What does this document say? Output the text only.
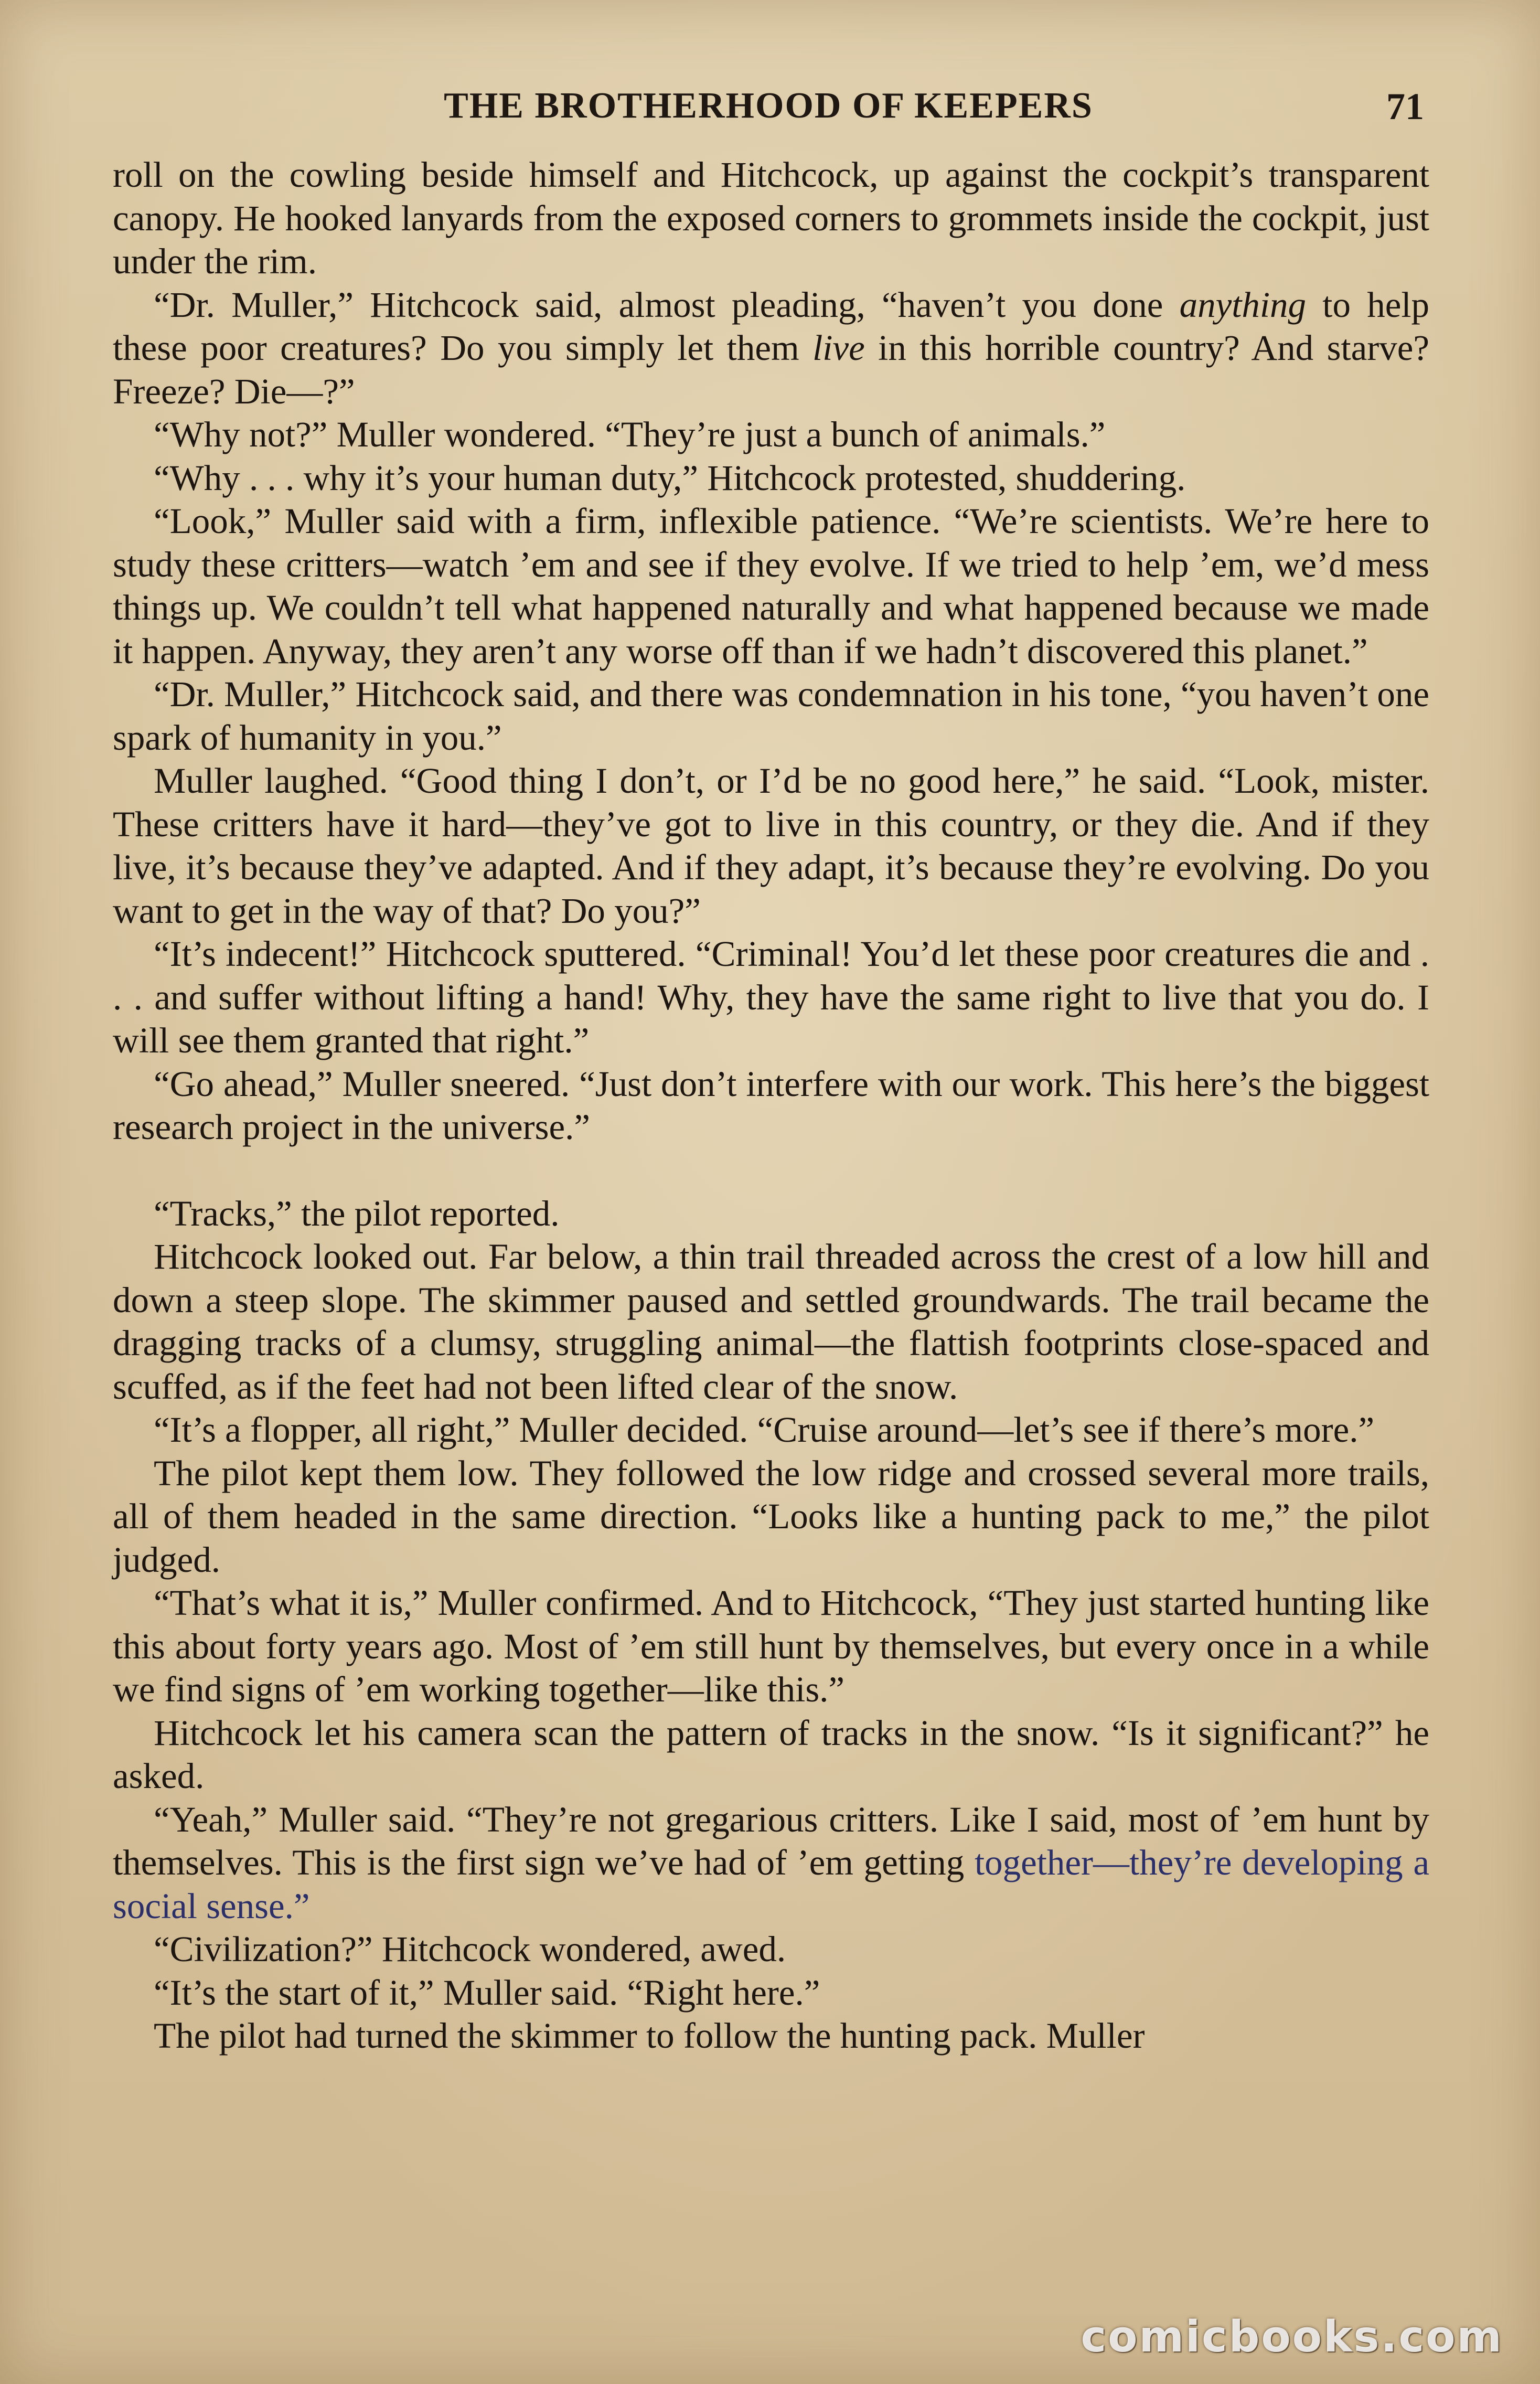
THE BROTHERHOOD OF KEEPERS	71

roll on the cowling beside himself and Hitchcock, up against the cockpit’s transparent canopy. He hooked lanyards from the exposed corners to grommets inside the cockpit, just under the rim.

“Dr. Muller,” Hitchcock said, almost pleading, “haven’t you done anything to help these poor creatures? Do you simply let them live in this horrible country? And starve? Freeze? Die—?”

“Why not?” Muller wondered. “They’re just a bunch of animals.”

“Why . . . why it’s your human duty,” Hitchcock protested, shuddering.

“Look,” Muller said with a firm, inflexible patience. “We’re scientists. We’re here to study these critters—watch ’em and see if they evolve. If we tried to help ’em, we’d mess things up. We couldn’t tell what happened naturally and what happened because we made it happen. Anyway, they aren’t any worse off than if we hadn’t discovered this planet.”

“Dr. Muller,” Hitchcock said, and there was condemnation in his tone, “you haven’t one spark of humanity in you.”

Muller laughed. “Good thing I don’t, or I’d be no good here,” he said. “Look, mister. These critters have it hard—they’ve got to live in this country, or they die. And if they live, it’s because they’ve adapted. And if they adapt, it’s because they’re evolving. Do you want to get in the way of that? Do you?”

“It’s indecent!” Hitchcock sputtered. “Criminal! You’d let these poor creatures die and . . . and suffer without lifting a hand! Why, they have the same right to live that you do. I will see them granted that right.”

“Go ahead,” Muller sneered. “Just don’t interfere with our work. This here’s the biggest research project in the universe.”

“Tracks,” the pilot reported.

Hitchcock looked out. Far below, a thin trail threaded across the crest of a low hill and down a steep slope. The skimmer paused and settled groundwards. The trail became the dragging tracks of a clumsy, struggling animal—the flattish footprints close-spaced and scuffed, as if the feet had not been lifted clear of the snow.

“It’s a flopper, all right,” Muller decided. “Cruise around—let’s see if there’s more.”

The pilot kept them low. They followed the low ridge and crossed several more trails, all of them headed in the same direction. “Looks like a hunting pack to me,” the pilot judged.

“That’s what it is,” Muller confirmed. And to Hitchcock, “They just started hunting like this about forty years ago. Most of ’em still hunt by themselves, but every once in a while we find signs of ’em working together—like this.”

Hitchcock let his camera scan the pattern of tracks in the snow. “Is it significant?” he asked.

“Yeah,” Muller said. “They’re not gregarious critters. Like I said, most of ’em hunt by themselves. This is the first sign we’ve had of ’em getting together—they’re developing a social sense.”

“Civilization?” Hitchcock wondered, awed.

“It’s the start of it,” Muller said. “Right here.”

The pilot had turned the skimmer to follow the hunting pack. Muller

comicbooks.com
